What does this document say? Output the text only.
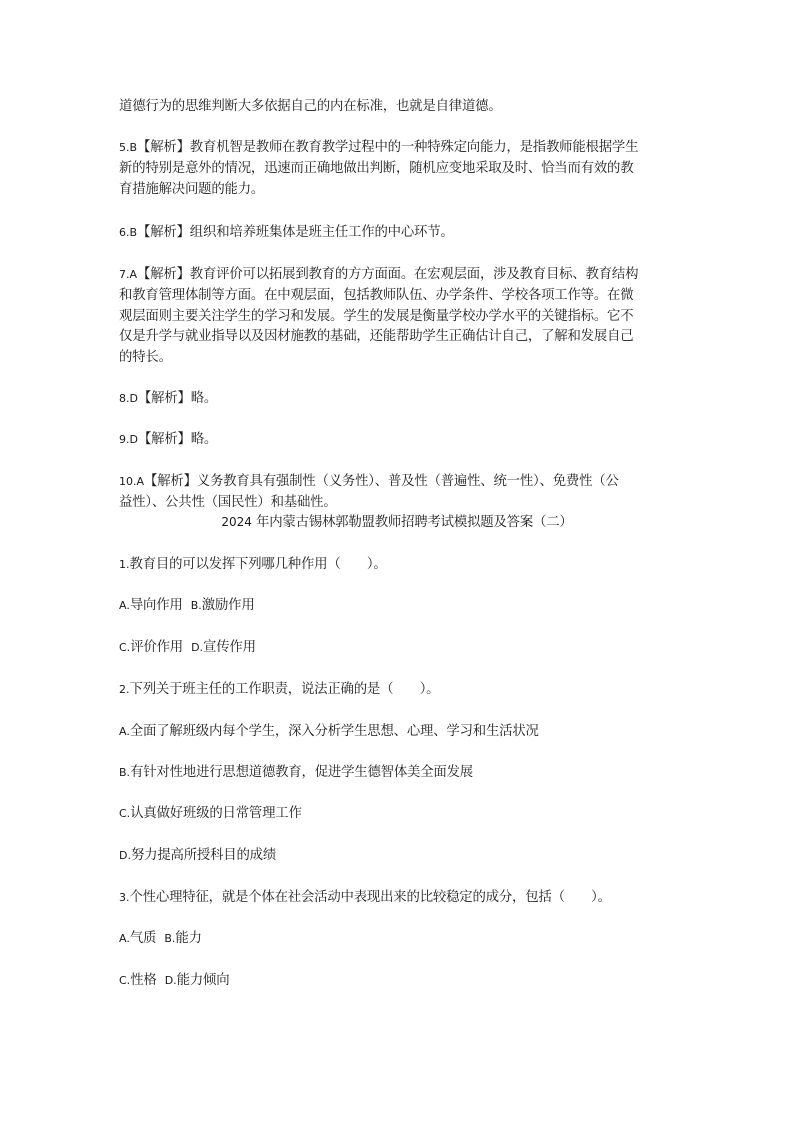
道德行为的思维判断大多依据自己的内在标准，也就是自律道德。
5.B【解析】教育机智是教师在教育教学过程中的一种特殊定向能力，是指教师能根据学生
新的特别是意外的情况，迅速而正确地做出判断，随机应变地采取及时、恰当而有效的教
育措施解决问题的能力。
6.B【解析】组织和培养班集体是班主任工作的中心环节。
7.A【解析】教育评价可以拓展到教育的方方面面。在宏观层面，涉及教育目标、教育结构
和教育管理体制等方面。在中观层面，包括教师队伍、办学条件、学校各项工作等。在微
观层面则主要关注学生的学习和发展。学生的发展是衡量学校办学水平的关键指标。它不
仅是升学与就业指导以及因材施教的基础，还能帮助学生正确估计自己，了解和发展自己
的特长。
8.D【解析】略。
9.D【解析】略。
10.A【解析】义务教育具有强制性（义务性）、普及性（普遍性、统一性）、免费性（公
益性）、公共性（国民性）和基础性。
2024 年内蒙古锡林郭勒盟教师招聘考试模拟题及答案（二）
1.教育目的可以发挥下列哪几种作用（　　）。
A.导向作用 B.激励作用
C.评价作用 D.宣传作用
2.下列关于班主任的工作职责，说法正确的是（　　）。
A.全面了解班级内每个学生，深入分析学生思想、心理、学习和生活状况
B.有针对性地进行思想道德教育，促进学生德智体美全面发展
C.认真做好班级的日常管理工作
D.努力提高所授科目的成绩
3.个性心理特征，就是个体在社会活动中表现出来的比较稳定的成分，包括（　　）。
A.气质 B.能力
C.性格 D.能力倾向
